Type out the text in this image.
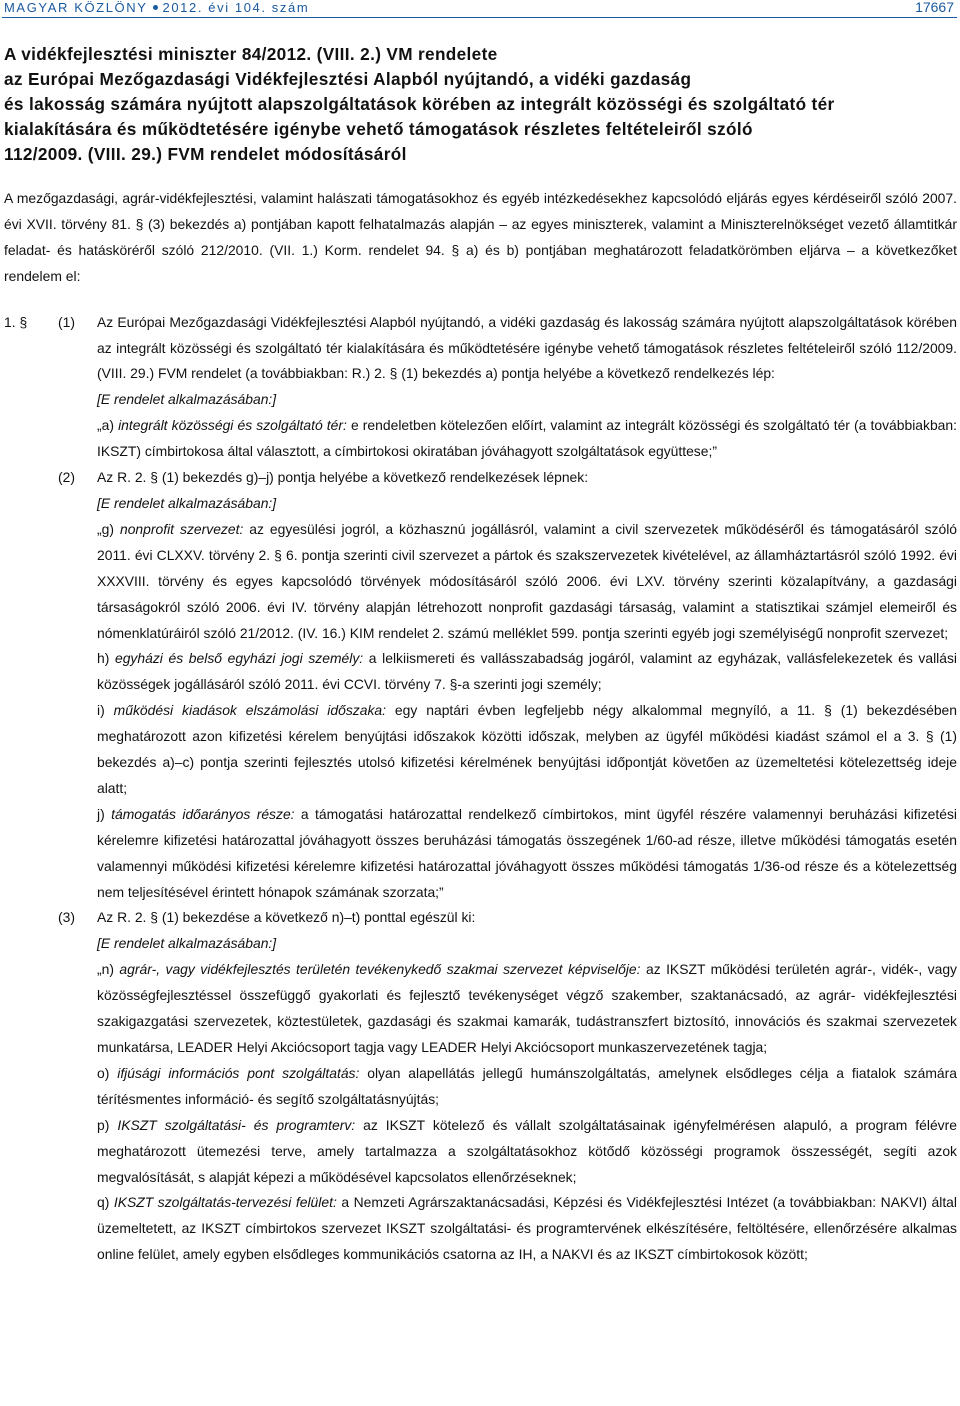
MAGYAR KÖZLÖNY 2012. évi 104. szám	17667
A vidékfejlesztési miniszter 84/2012. (VIII. 2.) VM rendelete
az Európai Mezőgazdasági Vidékfejlesztési Alapból nyújtandó, a vidéki gazdaság
és lakosság számára nyújtott alapszolgáltatások körében az integrált közösségi és szolgáltató tér
kialakítására és működtetésére igénybe vehető támogatások részletes feltételeiről szóló
112/2009. (VIII. 29.) FVM rendelet módosításáról

A mezőgazdasági, agrár-vidékfejlesztési, valamint halászati támogatásokhoz és egyéb intézkedésekhez kapcsolódó eljárás egyes kérdéseiről szóló 2007. évi XVII. törvény 81. § (3) bekezdés a) pontjában kapott felhatalmazás alapján – az egyes miniszterek, valamint a Miniszterelnökséget vezető államtitkár feladat- és hatásköréről szóló 212/2010. (VII. 1.) Korm. rendelet 94. § a) és b) pontjában meghatározott feladatkörömben eljárva – a következőket rendelem el:

1. §	(1)	Az Európai Mezőgazdasági Vidékfejlesztési Alapból nyújtandó, a vidéki gazdaság és lakosság számára nyújtott alapszolgáltatások körében az integrált közösségi és szolgáltató tér kialakítására és működtetésére igénybe vehető támogatások részletes feltételeiről szóló 112/2009. (VIII. 29.) FVM rendelet (a továbbiakban: R.) 2. § (1) bekezdés a) pontja helyébe a következő rendelkezés lép:

[E rendelet alkalmazásában:]

„a) integrált közösségi és szolgáltató tér: e rendeletben kötelezően előírt, valamint az integrált közösségi és szolgáltató tér (a továbbiakban: IKSZT) címbirtokosa által választott, a címbirtokosi okiratában jóváhagyott szolgáltatások együttese;”

(2)	Az R. 2. § (1) bekezdés g)–j) pontja helyébe a következő rendelkezések lépnek:

[E rendelet alkalmazásában:]

„g) nonprofit szervezet: az egyesülési jogról, a közhasznú jogállásról, valamint a civil szervezetek működéséről és támogatásáról szóló 2011. évi CLXXV. törvény 2. § 6. pontja szerinti civil szervezet a pártok és szakszervezetek kivételével, az államháztartásról szóló 1992. évi XXXVIII. törvény és egyes kapcsolódó törvények módosításáról szóló 2006. évi LXV. törvény szerinti közalapítvány, a gazdasági társaságokról szóló 2006. évi IV. törvény alapján létrehozott nonprofit gazdasági társaság, valamint a statisztikai számjel elemeiről és nómenklatúráiról szóló 21/2012. (IV. 16.) KIM rendelet 2. számú melléklet 599. pontja szerinti egyéb jogi személyiségű nonprofit szervezet;

h) egyházi és belső egyházi jogi személy: a lelkiismereti és vallásszabadság jogáról, valamint az egyházak, vallásfelekezetek és vallási közösségek jogállásáról szóló 2011. évi CCVI. törvény 7. §-a szerinti jogi személy;

i) működési kiadások elszámolási időszaka: egy naptári évben legfeljebb négy alkalommal megnyíló, a 11. § (1) bekezdésében meghatározott azon kifizetési kérelem benyújtási időszakok közötti időszak, melyben az ügyfél működési kiadást számol el a 3. § (1) bekezdés a)–c) pontja szerinti fejlesztés utolsó kifizetési kérelmének benyújtási időpontját követően az üzemeltetési kötelezettség ideje alatt;

j) támogatás időarányos része: a támogatási határozattal rendelkező címbirtokos, mint ügyfél részére valamennyi beruházási kifizetési kérelemre kifizetési határozattal jóváhagyott összes beruházási támogatás összegének 1/60-ad része, illetve működési támogatás esetén valamennyi működési kifizetési kérelemre kifizetési határozattal jóváhagyott összes működési támogatás 1/36-od része és a kötelezettség nem teljesítésével érintett hónapok számának szorzata;”

(3)	Az R. 2. § (1) bekezdése a következő n)–t) ponttal egészül ki:

[E rendelet alkalmazásában:]

„n) agrár-, vagy vidékfejlesztés területén tevékenykedő szakmai szervezet képviselője: az IKSZT működési területén agrár-, vidék-, vagy közösségfejlesztéssel összefüggő gyakorlati és fejlesztő tevékenységet végző szakember, szaktanácsadó, az agrár- vidékfejlesztési szakigazgatási szervezetek, köztestületek, gazdasági és szakmai kamarák, tudástranszfert biztosító, innovációs és szakmai szervezetek munkatársa, LEADER Helyi Akciócsoport tagja vagy LEADER Helyi Akciócsoport munkaszervezetének tagja;

o) ifjúsági információs pont szolgáltatás: olyan alapellátás jellegű humánszolgáltatás, amelynek elsődleges célja a fiatalok számára térítésmentes információ- és segítő szolgáltatásnyújtás;

p) IKSZT szolgáltatási- és programterv: az IKSZT kötelező és vállalt szolgáltatásainak igényfelmérésen alapuló, a program félévre meghatározott ütemezési terve, amely tartalmazza a szolgáltatásokhoz kötődő közösségi programok összességét, segíti azok megvalósítását, s alapját képezi a működésével kapcsolatos ellenőrzéseknek;

q) IKSZT szolgáltatás-tervezési felület: a Nemzeti Agrárszaktanácsadási, Képzési és Vidékfejlesztési Intézet (a továbbiakban: NAKVI) által üzemeltetett, az IKSZT címbirtokos szervezet IKSZT szolgáltatási- és programtervének elkészítésére, feltöltésére, ellenőrzésére alkalmas online felület, amely egyben elsődleges kommunikációs csatorna az IH, a NAKVI és az IKSZT címbirtokosok között;
